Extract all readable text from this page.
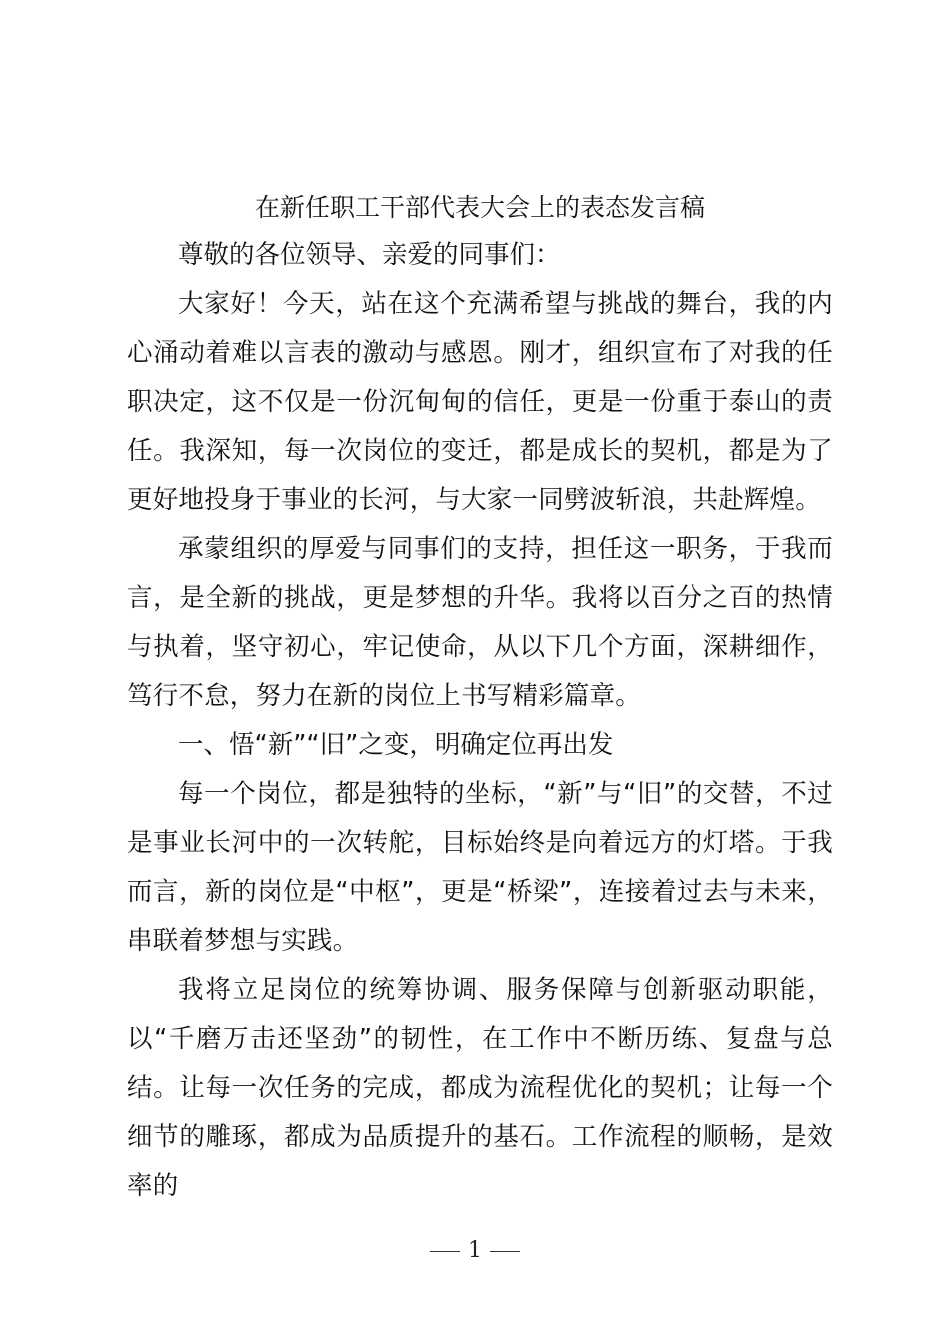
在新任职工干部代表大会上的表态发言稿

尊敬的各位领导、亲爱的同事们：

大家好！今天，站在这个充满希望与挑战的舞台，我的内心涌动着难以言表的激动与感恩。刚才，组织宣布了对我的任职决定，这不仅是一份沉甸甸的信任，更是一份重于泰山的责任。我深知，每一次岗位的变迁，都是成长的契机，都是为了更好地投身于事业的长河，与大家一同劈波斩浪，共赴辉煌。

承蒙组织的厚爱与同事们的支持，担任这一职务，于我而言，是全新的挑战，更是梦想的升华。我将以百分之百的热情与执着，坚守初心，牢记使命，从以下几个方面，深耕细作，笃行不怠，努力在新的岗位上书写精彩篇章。

一、悟“新”“旧”之变，明确定位再出发

每一个岗位，都是独特的坐标，“新”与“旧”的交替，不过是事业长河中的一次转舵，目标始终是向着远方的灯塔。于我而言，新的岗位是“中枢”，更是“桥梁”，连接着过去与未来，串联着梦想与实践。

我将立足岗位的统筹协调、服务保障与创新驱动职能，以“千磨万击还坚劲”的韧性，在工作中不断历练、复盘与总结。让每一次任务的完成，都成为流程优化的契机；让每一个细节的雕琢，都成为品质提升的基石。工作流程的顺畅，是效率的

1
